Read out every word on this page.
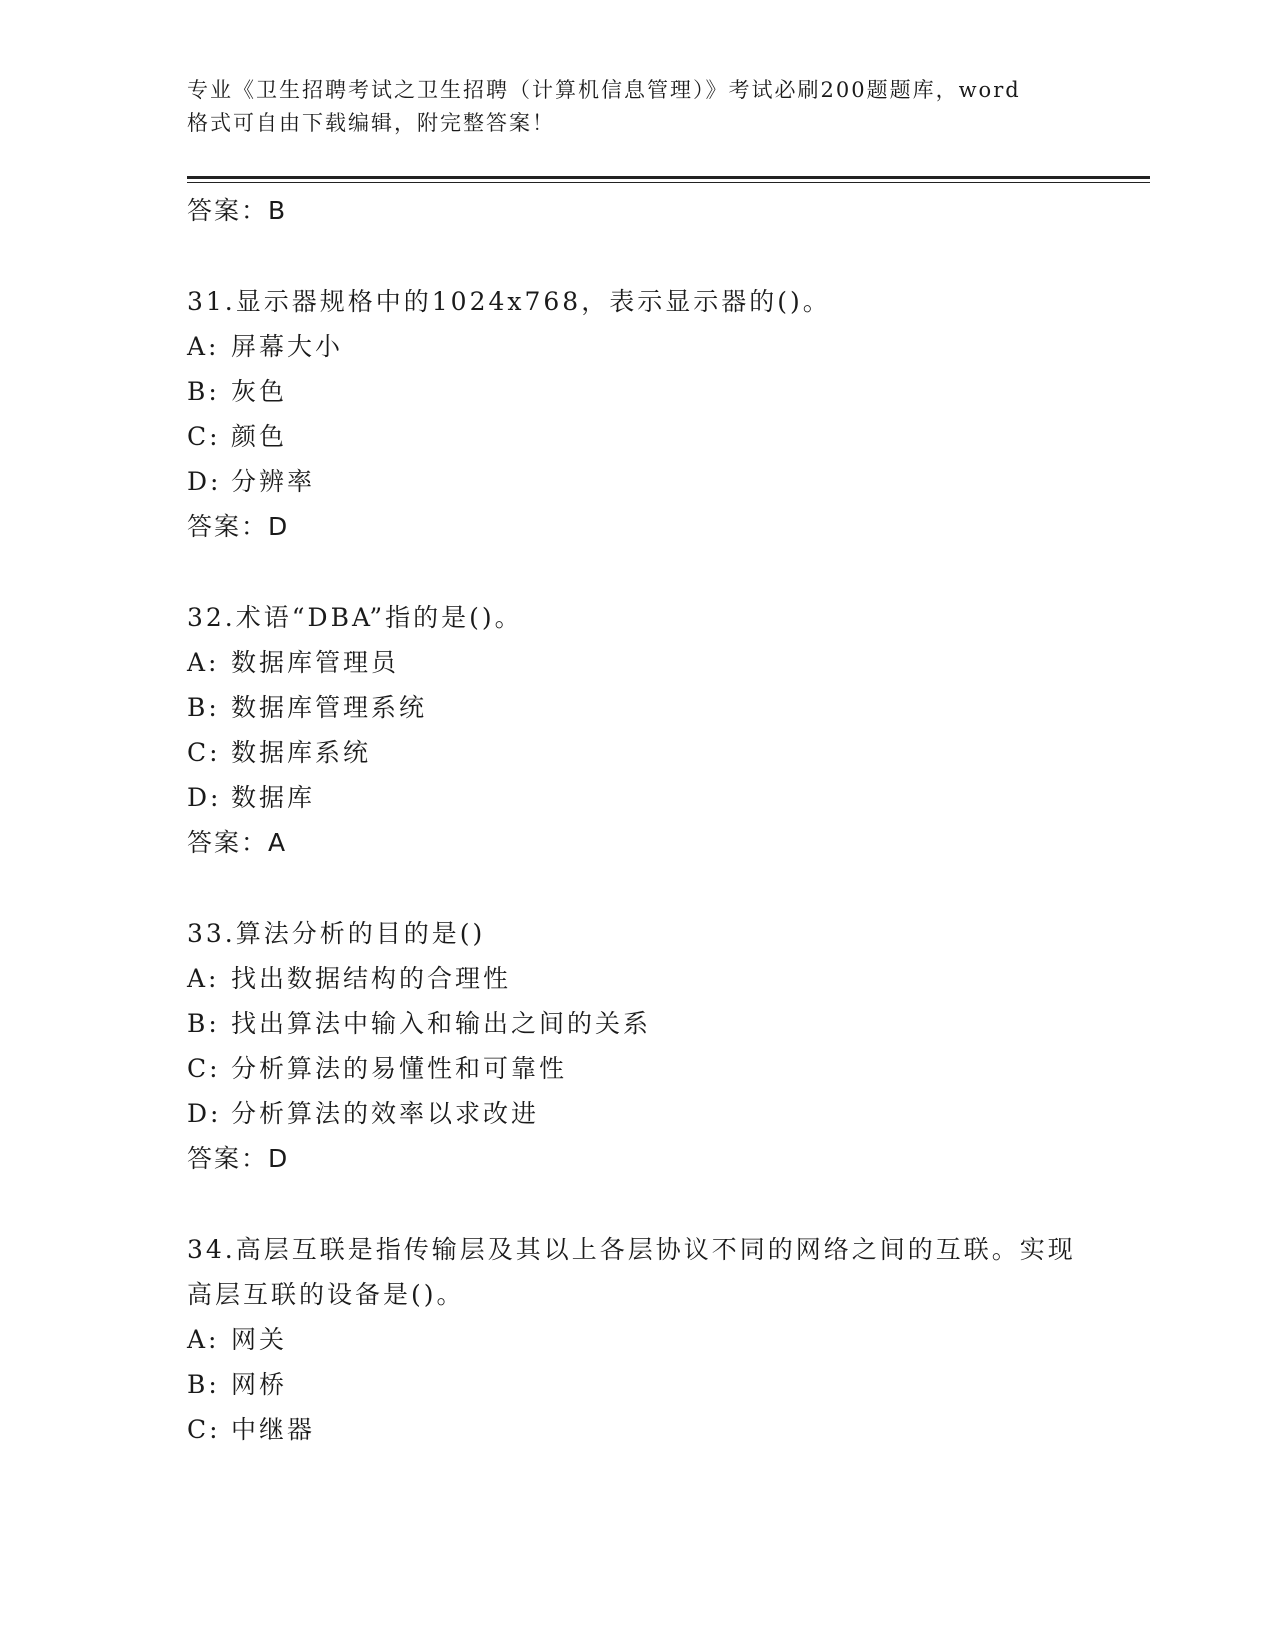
专业《卫生招聘考试之卫生招聘（计算机信息管理）》考试必刷200题题库，word
格式可自由下载编辑，附完整答案！
答案：B
31.显示器规格中的1024x768，表示显示器的()。
A: 屏幕大小
B: 灰色
C: 颜色
D: 分辨率
答案：D
32.术语“DBA”指的是()。
A: 数据库管理员
B: 数据库管理系统
C: 数据库系统
D: 数据库
答案：A
33.算法分析的目的是()
A: 找出数据结构的合理性
B: 找出算法中输入和输出之间的关系
C: 分析算法的易懂性和可靠性
D: 分析算法的效率以求改进
答案：D
34.高层互联是指传输层及其以上各层协议不同的网络之间的互联。实现高层互联的设备是()。
A: 网关
B: 网桥
C: 中继器
